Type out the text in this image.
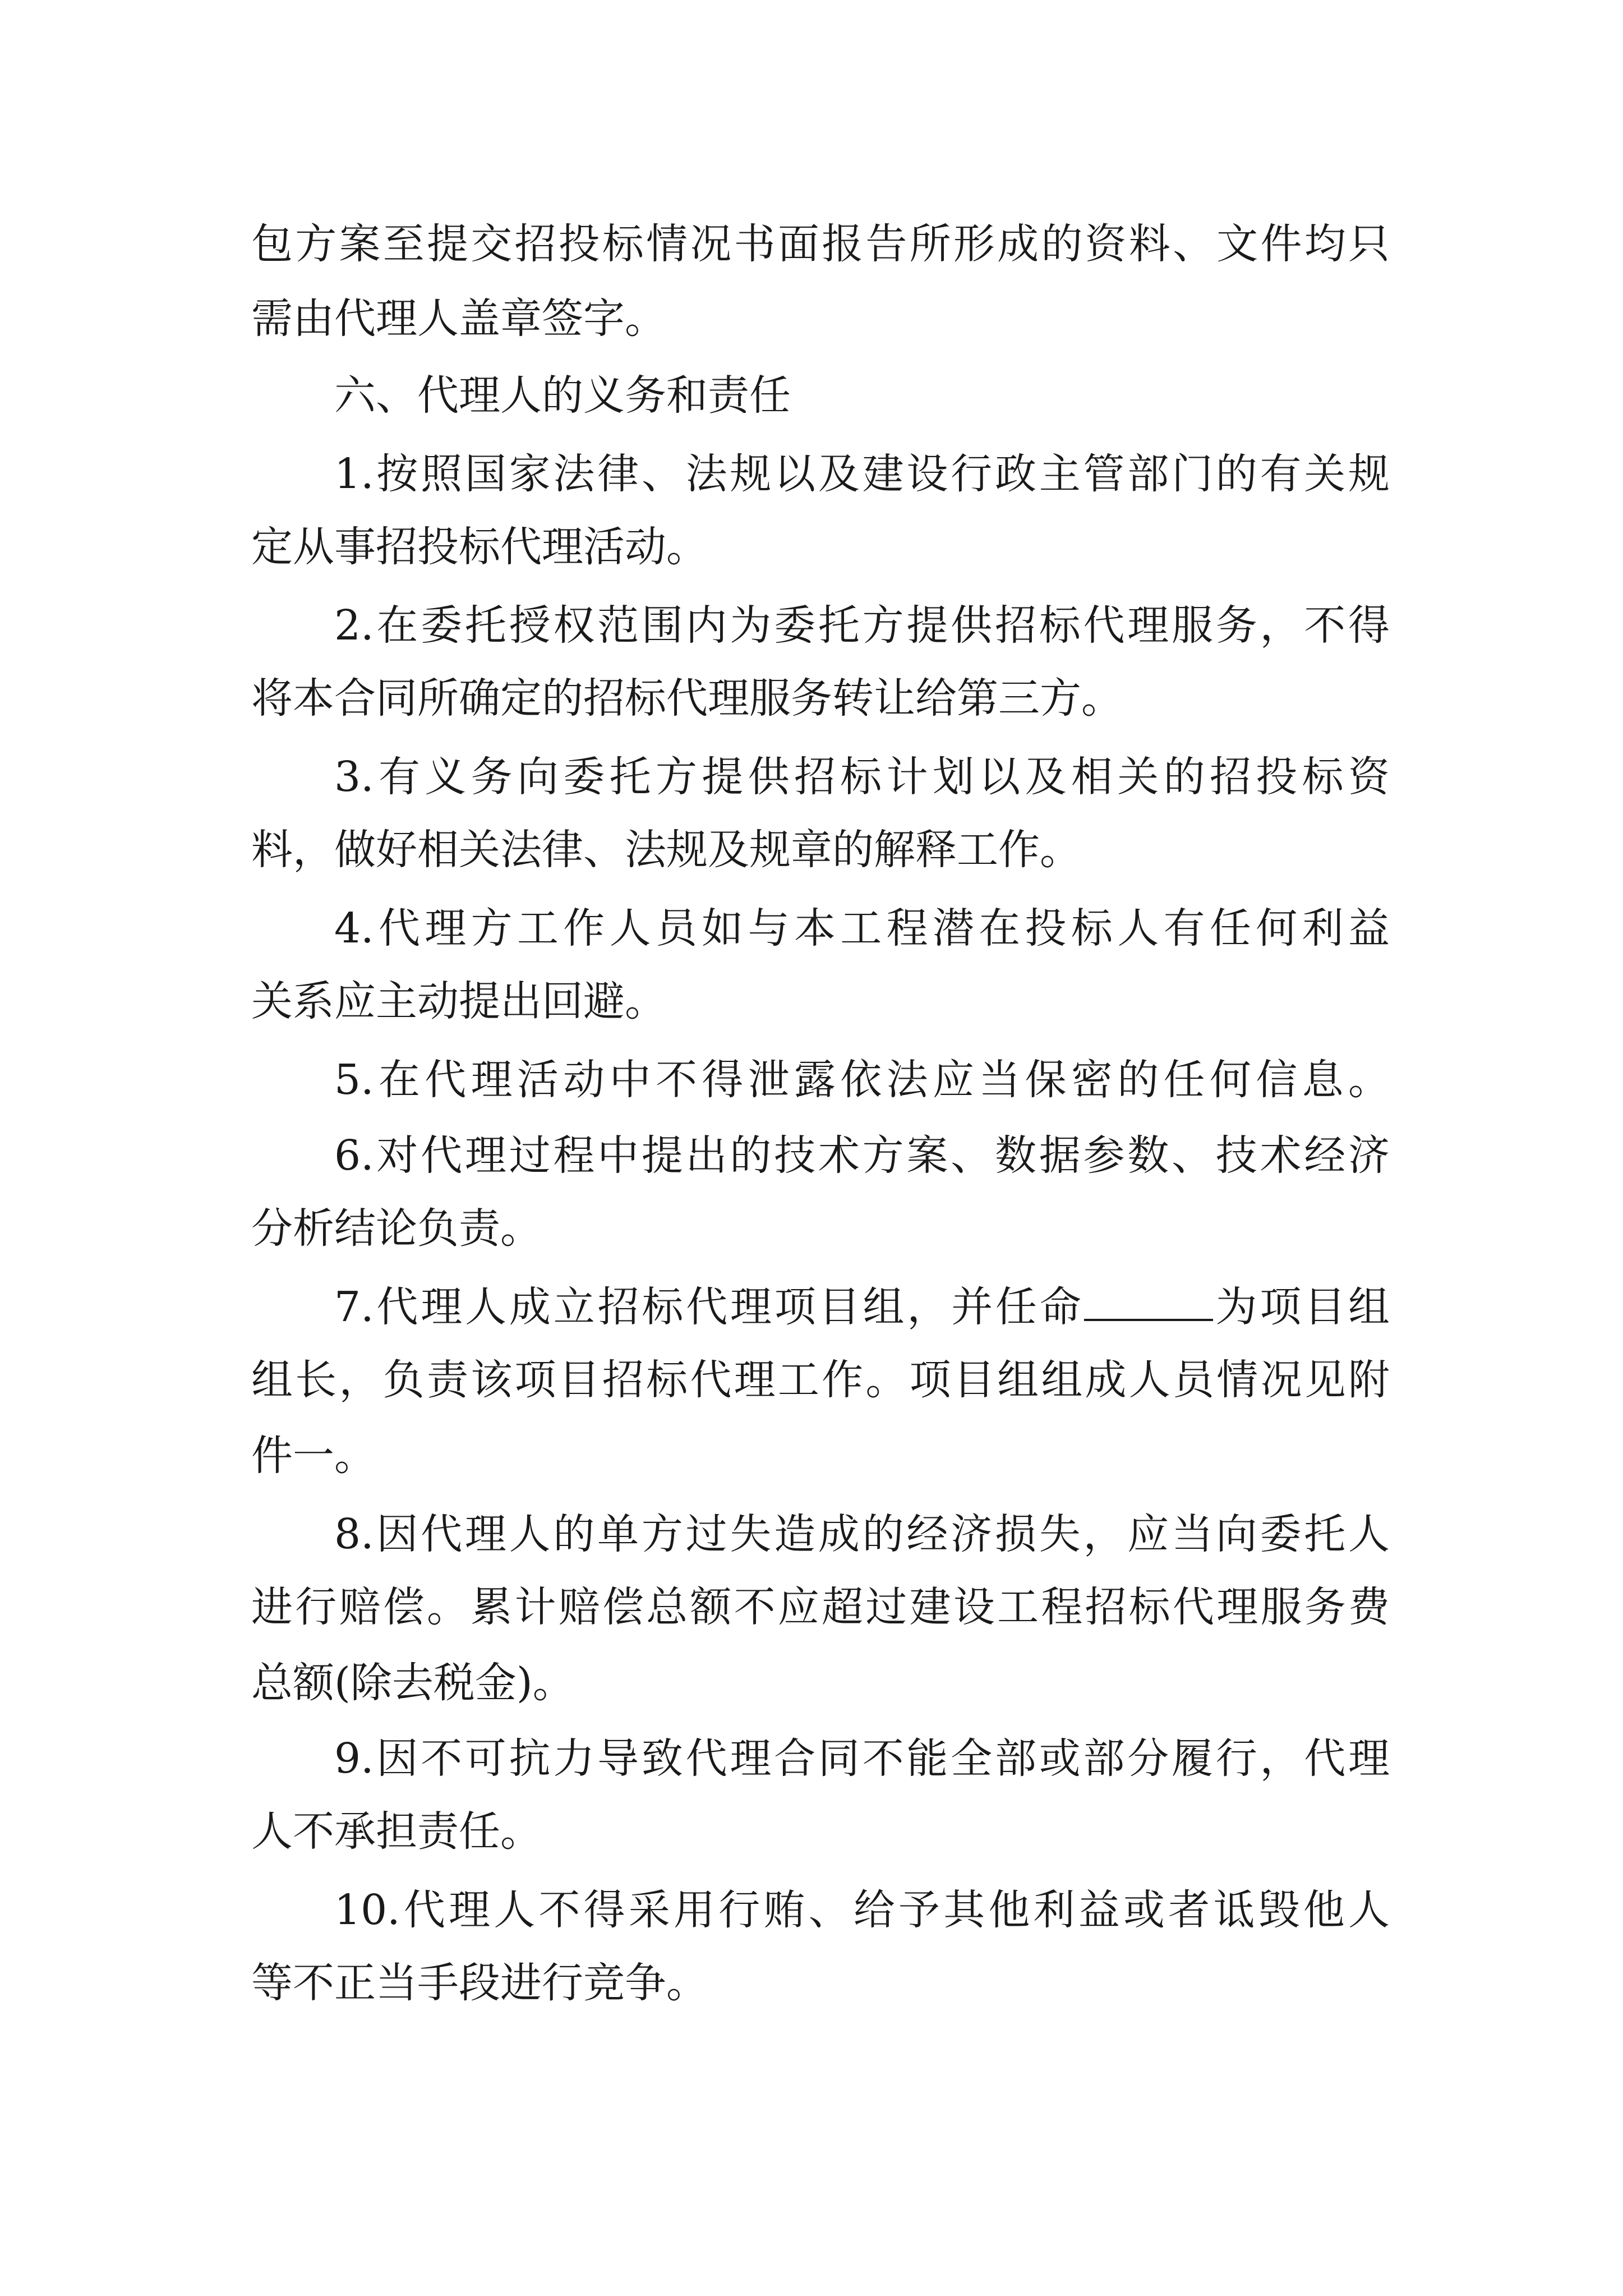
包方案至提交招投标情况书面报告所形成的资料、文件均只
需由代理人盖章签字。
六、代理人的义务和责任
1.按照国家法律、法规以及建设行政主管部门的有关规
定从事招投标代理活动。
2.在委托授权范围内为委托方提供招标代理服务，不得
将本合同所确定的招标代理服务转让给第三方。
3.有义务向委托方提供招标计划以及相关的招投标资
料，做好相关法律、法规及规章的解释工作。
4.代理方工作人员如与本工程潜在投标人有任何利益
关系应主动提出回避。
5.在代理活动中不得泄露依法应当保密的任何信息。
6.对代理过程中提出的技术方案、数据参数、技术经济
分析结论负责。
7.代理人成立招标代理项目组，并任命	为项目组
组长，负责该项目招标代理工作。项目组组成人员情况见附
件一。
8.因代理人的单方过失造成的经济损失，应当向委托人
进行赔偿。累计赔偿总额不应超过建设工程招标代理服务费
总额(除去税金)。
9.因不可抗力导致代理合同不能全部或部分履行，代理
人不承担责任。
10.代理人不得采用行贿、给予其他利益或者诋毁他人
等不正当手段进行竞争。
